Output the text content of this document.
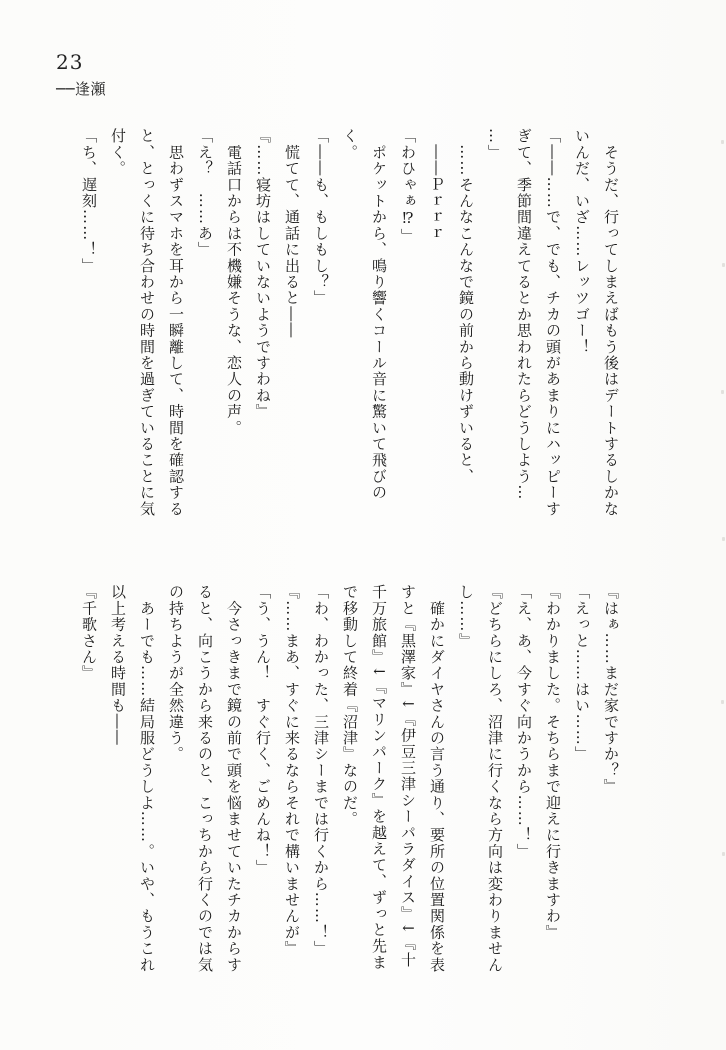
23
──逢瀬

　そうだ、行ってしまえばもう後はデートするしかな

いんだ、いざ……レッツゴー！

「――……で、でも、チカの頭があまりにハッピーす

ぎて、季節間違えてるとか思われたらどうしよう…

…」

　……そんなこんなで鏡の前から動けずいると、

　――Ｐｒｒｒ

「わひゃぁ⁉」

　ポケットから、鳴り響くコール音に驚いて飛びの

く。

「――も、もしもし？」

　慌てて、通話に出ると――

『……寝坊はしていないようですわね』

　電話口からは不機嫌そうな、恋人の声。

「え？　……あ」

　思わずスマホを耳から一瞬離して、時間を確認する

と、とっくに待ち合わせの時間を過ぎていることに気

付く。

「ち、遅刻……！」

『はぁ……まだ家ですか？』

「えっと……はい……」

『わかりました。そちらまで迎えに行きますわ』

「え、あ、今すぐ向かうから……！」

『どちらにしろ、沼津に行くなら方向は変わりません

し……』

　確かにダイヤさんの言う通り、要所の位置関係を表

すと『黒澤家』↓『伊豆三津シーパラダイス』↓『十

千万旅館』↓『マリンパーク』を越えて、ずっと先ま

で移動して終着『沼津』なのだ。

「わ、わかった、三津シーまでは行くから……！」

『……まあ、すぐに来るならそれで構いませんが』

「う、うん！　すぐ行く、ごめんね！」

　今さっきまで鏡の前で頭を悩ませていたチカからす

ると、向こうから来るのと、こっちから行くのでは気

の持ちようが全然違う。

　あーでも……結局服どうしよ……。いや、もうこれ

以上考える時間も――

『千歌さん』
